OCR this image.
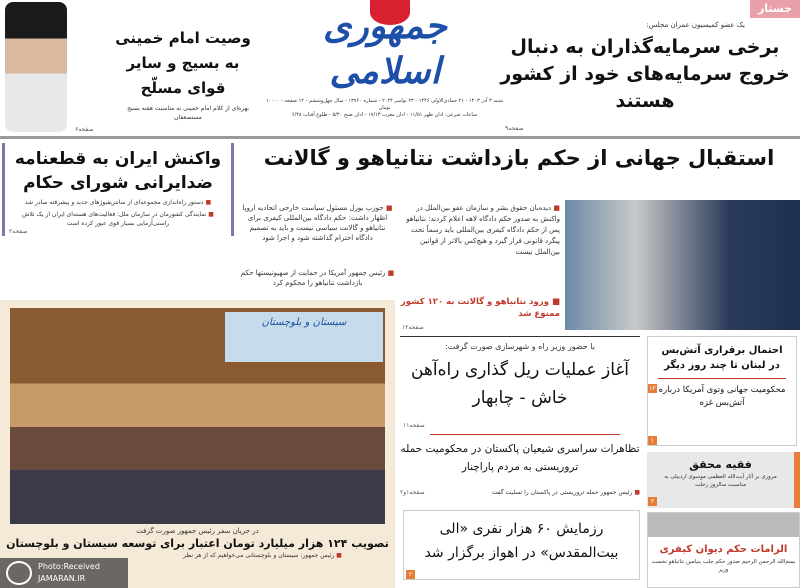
جستار
یک عضو کمیسیون عمران مجلس:
برخی سرمایه‌گذاران به دنبال خروج سرمایه‌های خود از کشور هستند
صفحه۹
جمهوری اسلامی
شنبه ۳ آذر ۱۴۰۳ - ۲۱ جمادی‌الاولی ۱۴۴۶ - ۲۳ نوامبر ۲۰۲۴ - شماره ۱۳۹۶۰ - سال چهل‌وششم - ۱۲ صفحه - ۱۰۰۰۰ تومان
ساعات شرعی: اذان ظهر ۱۱/۵۱ - اذان مغرب ۱۷/۱۳ - اذان صبح ۵/۳۰ - طلوع آفتاب ۶/۴۸
وصیت امام خمینی به بسیج و سایر قوای مسلّح
بهره‌ای از کلام امام خمینی به مناسبت هفته بسیج مستضعفان
صفحه۶
استقبال جهانی از حکم بازداشت نتانیاهو و گالانت
■ دیده‌بان حقوق بشر و سازمان عفو بین‌الملل در واکنش به صدور حکم دادگاه لاهه اعلام کردند: نتانیاهو پس از حکم دادگاه کیفری بین‌المللی باید رسماً تحت پیگرد قانونی قرار گیرد و هیچ‌کس بالاتر از قوانین بین‌الملل نیست
■ ورود نتانیاهو و گالانت به ۱۲۰ کشور ممنوع شد
صفحه۱۲
■ جوزپ بورل مسئول سیاست خارجی اتحادیه اروپا اظهار داشت: حکم دادگاه بین‌المللی کیفری برای نتانیاهو و گالانت سیاسی نیست و باید به تصمیم دادگاه احترام گذاشته شود و اجرا شود
■ رئیس جمهور آمریکا در حمایت از صهیونیستها حکم بازداشت نتانیاهو را محکوم کرد
واکنش ایران به قطعنامه ضدایرانی شورای حکام
■ دستور راه‌اندازی مجموعه‌ای از سانتریفیوژهای جدید و پیشرفته صادر شد
■ نمایندگی کشورمان در سازمان ملل: فعالیت‌های هسته‌ای ایران از یک تلاش راستی‌آزمایی بسیار قوی عبور کرده است
صفحه۲
سیستان و بلوچستان
در جریان سفر رئیس جمهور صورت گرفت
تصویب ۱۲۴ هزار میلیارد تومان اعتبار برای توسعه سیستان و بلوچستان
■ رئیس جمهور: سیستان و بلوچستانی می‌خواهیم که از هر نظر
Photo:Received
JAMARAN.IR
با حضور وزیر راه و شهرسازی صورت گرفت:
آغاز عملیات ریل گذاری راه‌آهن خاش - چابهار
صفحه۱۱
تظاهرات سراسری شیعیان پاکستان در محکومیت حمله تروریستی به مردم پاراچنار
صفحه۱و۲	■ رئیس جمهور حمله تروریستی در پاکستان را تسلیت گفت
رزمایش ۶۰ هزار نفری «الی بیت‌المقدس» در اهواز برگزار شد
۲
احتمال برقراری آتش‌بس در لبنان تا چند روز دیگر
محکومیت جهانی وتوی آمریکا درباره آتش‌بس غزه
۱۲
۱
فقیه محقق
مروری بر آثار آیت‌الله العظمی موسوی اردبیلی به مناسبت سالروز رحلت
۳
الزامات حکم دیوان کیفری
بسم‌الله الرحمن الرحیم صدور حکم جلب بنیامین نتانیاهو نخست وزیر
